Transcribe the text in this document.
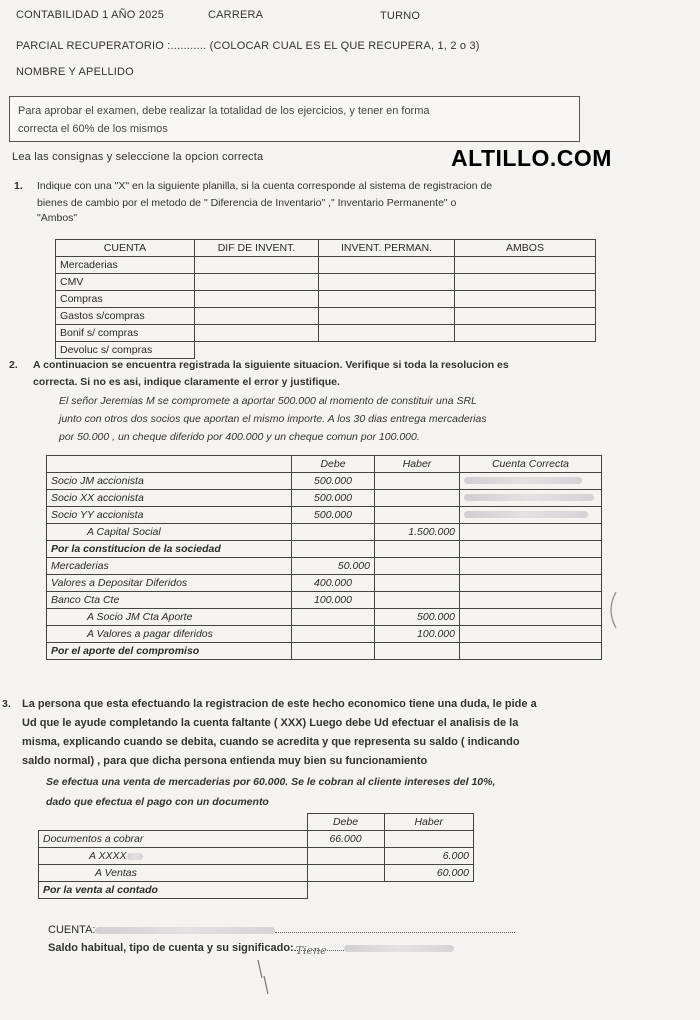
CONTABILIDAD 1 AÑO 2025	CARRERA	TURNO
PARCIAL RECUPERATORIO :........... (COLOCAR CUAL ES EL QUE RECUPERA, 1, 2 o 3)
NOMBRE Y APELLIDO
Para aprobar el examen, debe realizar la totalidad de los ejercicios, y tener en forma
correcta el 60% de los mismos
Lea las consignas y seleccione la opcion correcta	ALTILLO.COM
1. Indique con una "X" en la siguiente planilla, si la cuenta corresponde al sistema de registracion de
bienes de cambio por el metodo de " Diferencia de Inventario" ," Inventario Permanente" o
"Ambos"
CUENTA	DIF DE INVENT.	INVENT. PERMAN.	AMBOS
Mercaderias			
CMV			
Compras			
Gastos s/compras			
Bonif s/ compras			
Devoluc s/ compras			
2. A continuacion se encuentra registrada la siguiente situacion. Verifique si toda la resolucion es
correcta. Si no es asi, indique claramente el error y justifique.
El señor Jeremias M se compromete a aportar 500.000 al momento de constituir una SRL
junto con otros dos socios que aportan el mismo importe. A los 30 dias entrega mercaderias
por 50.000 , un cheque diferido por 400.000 y un cheque comun por 100.000.
	Debe	Haber	Cuenta Correcta
Socio JM accionista	500.000		
Socio XX accionista	500.000		
Socio YY accionista	500.000		
A Capital Social		1.500.000	
Por la constitucion de la sociedad			
Mercaderias	50.000		
Valores a Depositar Diferidos	400.000		
Banco Cta Cte	100.000		
A Socio JM Cta Aporte		500.000	
A Valores a pagar diferidos		100.000	
Por el aporte del compromiso			
3. La persona que esta efectuando la registracion de este hecho economico tiene una duda, le pide a
Ud que le ayude completando la cuenta faltante ( XXX) Luego debe Ud efectuar el analisis de la
misma, explicando cuando se debita, cuando se acredita y que representa su saldo ( indicando
saldo normal) , para que dicha persona entienda muy bien su funcionamiento
Se efectua una venta de mercaderias por 60.000. Se le cobran al cliente intereses del 10%,
dado que efectua el pago con un documento
	Debe	Haber
Documentos a cobrar	66.000	
A XXXX		6.000
A Ventas		60.000
Por la venta al contado		
CUENTA:
Saldo habitual, tipo de cuenta y su significado: Tiene
